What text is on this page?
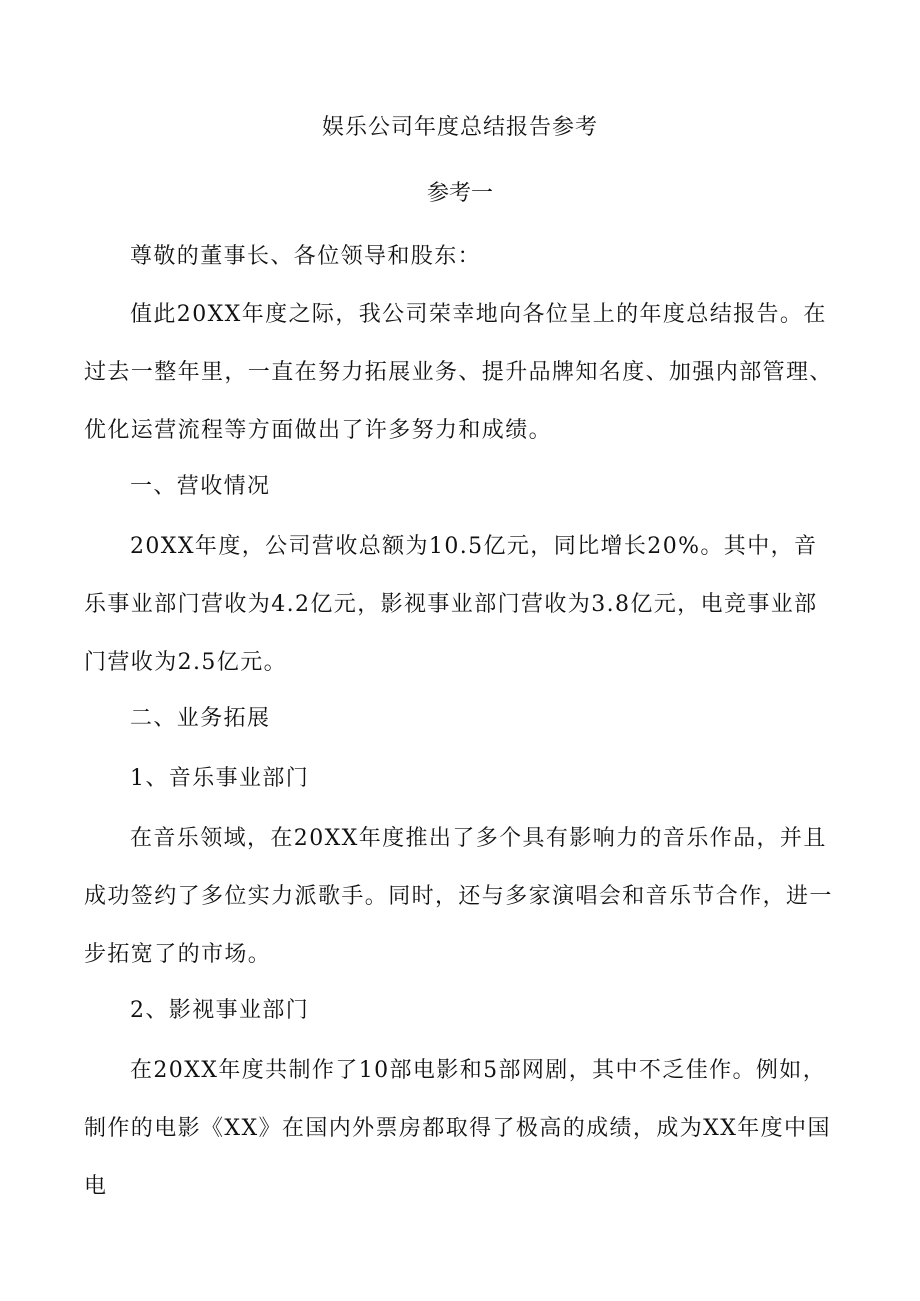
娱乐公司年度总结报告参考
参考一

尊敬的董事长、各位领导和股东：

值此20XX年度之际，我公司荣幸地向各位呈上的年度总结报告。在过去一整年里，一直在努力拓展业务、提升品牌知名度、加强内部管理、优化运营流程等方面做出了许多努力和成绩。

一、营收情况

20XX年度，公司营收总额为10.5亿元，同比增长20%。其中，音乐事业部门营收为4.2亿元，影视事业部门营收为3.8亿元，电竞事业部门营收为2.5亿元。

二、业务拓展

1、音乐事业部门

在音乐领域，在20XX年度推出了多个具有影响力的音乐作品，并且成功签约了多位实力派歌手。同时，还与多家演唱会和音乐节合作，进一步拓宽了的市场。

2、影视事业部门

在20XX年度共制作了10部电影和5部网剧，其中不乏佳作。例如，制作的电影《XX》在国内外票房都取得了极高的成绩，成为XX年度中国电
